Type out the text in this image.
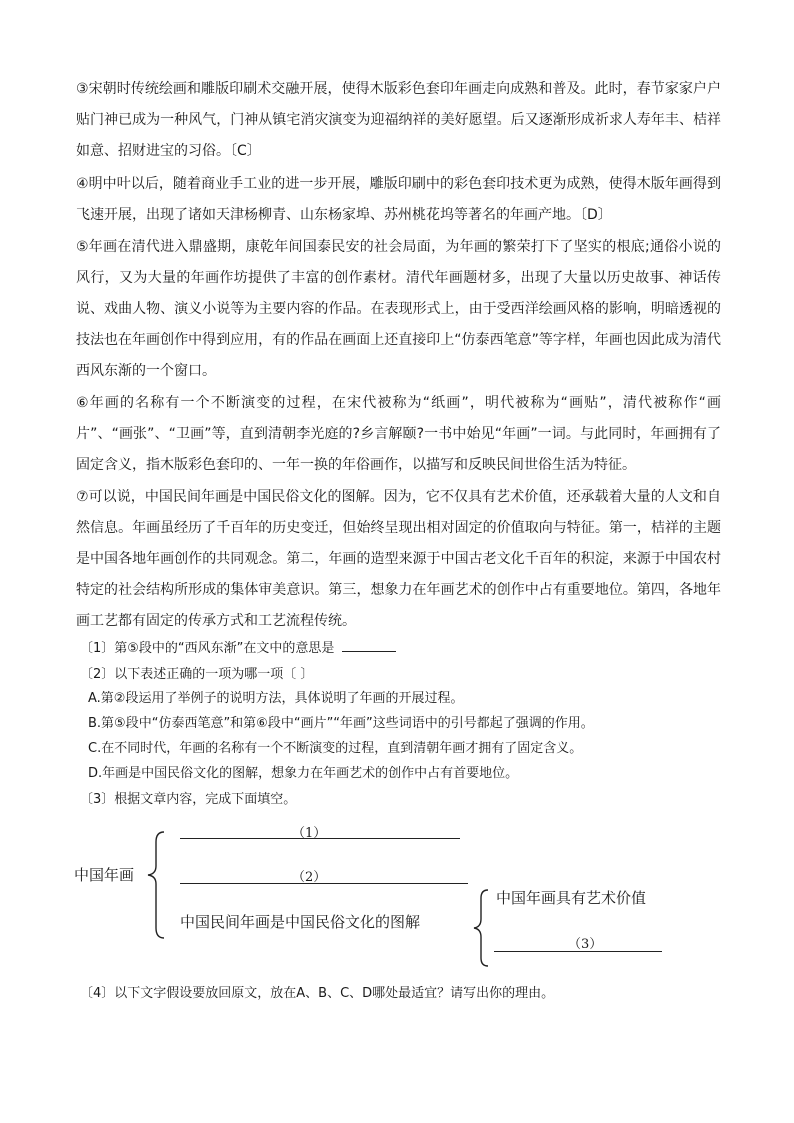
③宋朝时传统绘画和雕版印刷术交融开展，使得木版彩色套印年画走向成熟和普及。此时，春节家家户户贴门神已成为一种风气，门神从镇宅消灾演变为迎福纳祥的美好愿望。后又逐渐形成祈求人寿年丰、桔祥如意、招财进宝的习俗。〔C〕

④明中叶以后，随着商业手工业的进一步开展，雕版印刷中的彩色套印技术更为成熟，使得木版年画得到飞速开展，出现了诸如天津杨柳青、山东杨家埠、苏州桃花坞等著名的年画产地。〔D〕

⑤年画在清代进入鼎盛期，康乾年间国泰民安的社会局面，为年画的繁荣打下了坚实的根底;通俗小说的风行，又为大量的年画作坊提供了丰富的创作素材。清代年画题材多，出现了大量以历史故事、神话传说、戏曲人物、演义小说等为主要内容的作品。在表现形式上，由于受西洋绘画风格的影响，明暗透视的技法也在年画创作中得到应用，有的作品在画面上还直接印上“仿泰西笔意”等字样，年画也因此成为清代西风东渐的一个窗口。

⑥年画的名称有一个不断演变的过程，在宋代被称为“纸画”，明代被称为“画贴”，清代被称作“画片”、“画张”、“卫画”等，直到清朝李光庭的?乡言解颐?一书中始见“年画”一词。与此同时，年画拥有了固定含义，指木版彩色套印的、一年一换的年俗画作，以描写和反映民间世俗生活为特征。

⑦可以说，中国民间年画是中国民俗文化的图解。因为，它不仅具有艺术价值，还承载着大量的人文和自然信息。年画虽经历了千百年的历史变迁，但始终呈现出相对固定的价值取向与特征。第一，桔祥的主题是中国各地年画创作的共同观念。第二，年画的造型来源于中国古老文化千百年的积淀，来源于中国农村特定的社会结构所形成的集体审美意识。第三，想象力在年画艺术的创作中占有重要地位。第四，各地年画工艺都有固定的传承方式和工艺流程传统。

〔1〕第⑤段中的“西风东渐”在文中的意思是

〔2〕以下表述正确的一项为哪一项〔 〕

A.第②段运用了举例子的说明方法，具体说明了年画的开展过程。

B.第⑤段中“仿泰西笔意”和第⑥段中“画片”“年画”这些词语中的引号都起了强调的作用。

C.在不同时代，年画的名称有一个不断演变的过程，直到清朝年画才拥有了固定含义。

D.年画是中国民俗文化的图解，想象力在年画艺术的创作中占有首要地位。

〔3〕根据文章内容，完成下面填空。

中国年画
（1）
（2）
中国民间年画是中国民俗文化的图解
中国年画具有艺术价值
（3）

〔4〕以下文字假设要放回原文，放在A、B、C、D哪处最适宜？请写出你的理由。
